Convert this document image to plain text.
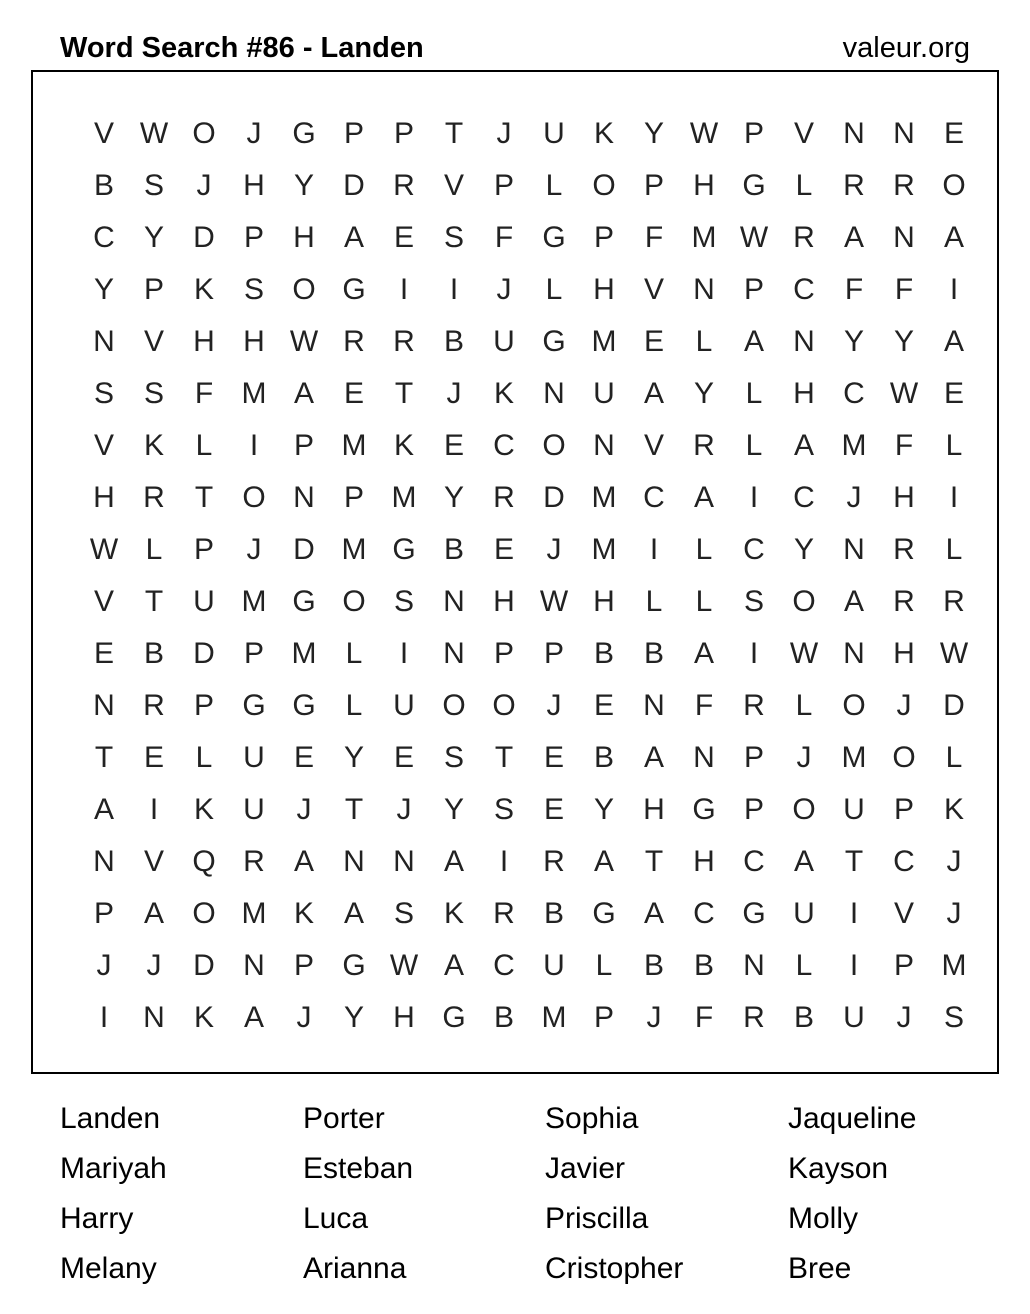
Word Search #86 - Landen	valeur.org
V W O	J	G P P	T	J	U K Y W P V N N E
B S	J	H Y D R V P	L O P H G L	R R O
C Y D P H A E S	F G P	F M W R A N A
Y P K S O G	I	I	J	L	H V N P C	F	F	I
N V H H W R R B U G M E	L	A N Y Y A
S S	F M A E	T	J	K N U A Y	L	H C W E
V K	L	I	P M K E C O N V R	L	A M F	L
H R	T O N P M Y R D M C A	I	C	J	H	I
W L	P	J	D M G B E	J	M	I	L	C Y N R	L
V	T	U M G O S N H W H	L	L	S O A R R
E B D P M L	I	N P P B B A	I	W N H W
N R P G G L	U O O	J	E N	F	R	L O	J	D
T	E	L	U E Y E S	T	E B A N P	J	M O L
A	I	K U	J	T	J	Y S E Y H G P O U P K
N V Q R A N N A	I	R A	T	H C A	T	C	J
P A O M K A S K R B G A C G U	I	V	J
J	J	D N P G W A C U	L	B B N	L	I	P M
I	N K A	J	Y H G B M P	J	F	R B U	J	S
Landen	Porter	Sophia	Jaqueline
Mariyah	Esteban	Javier	Kayson
Harry	Luca	Priscilla	Molly
Melany	Arianna	Cristopher	Bree
